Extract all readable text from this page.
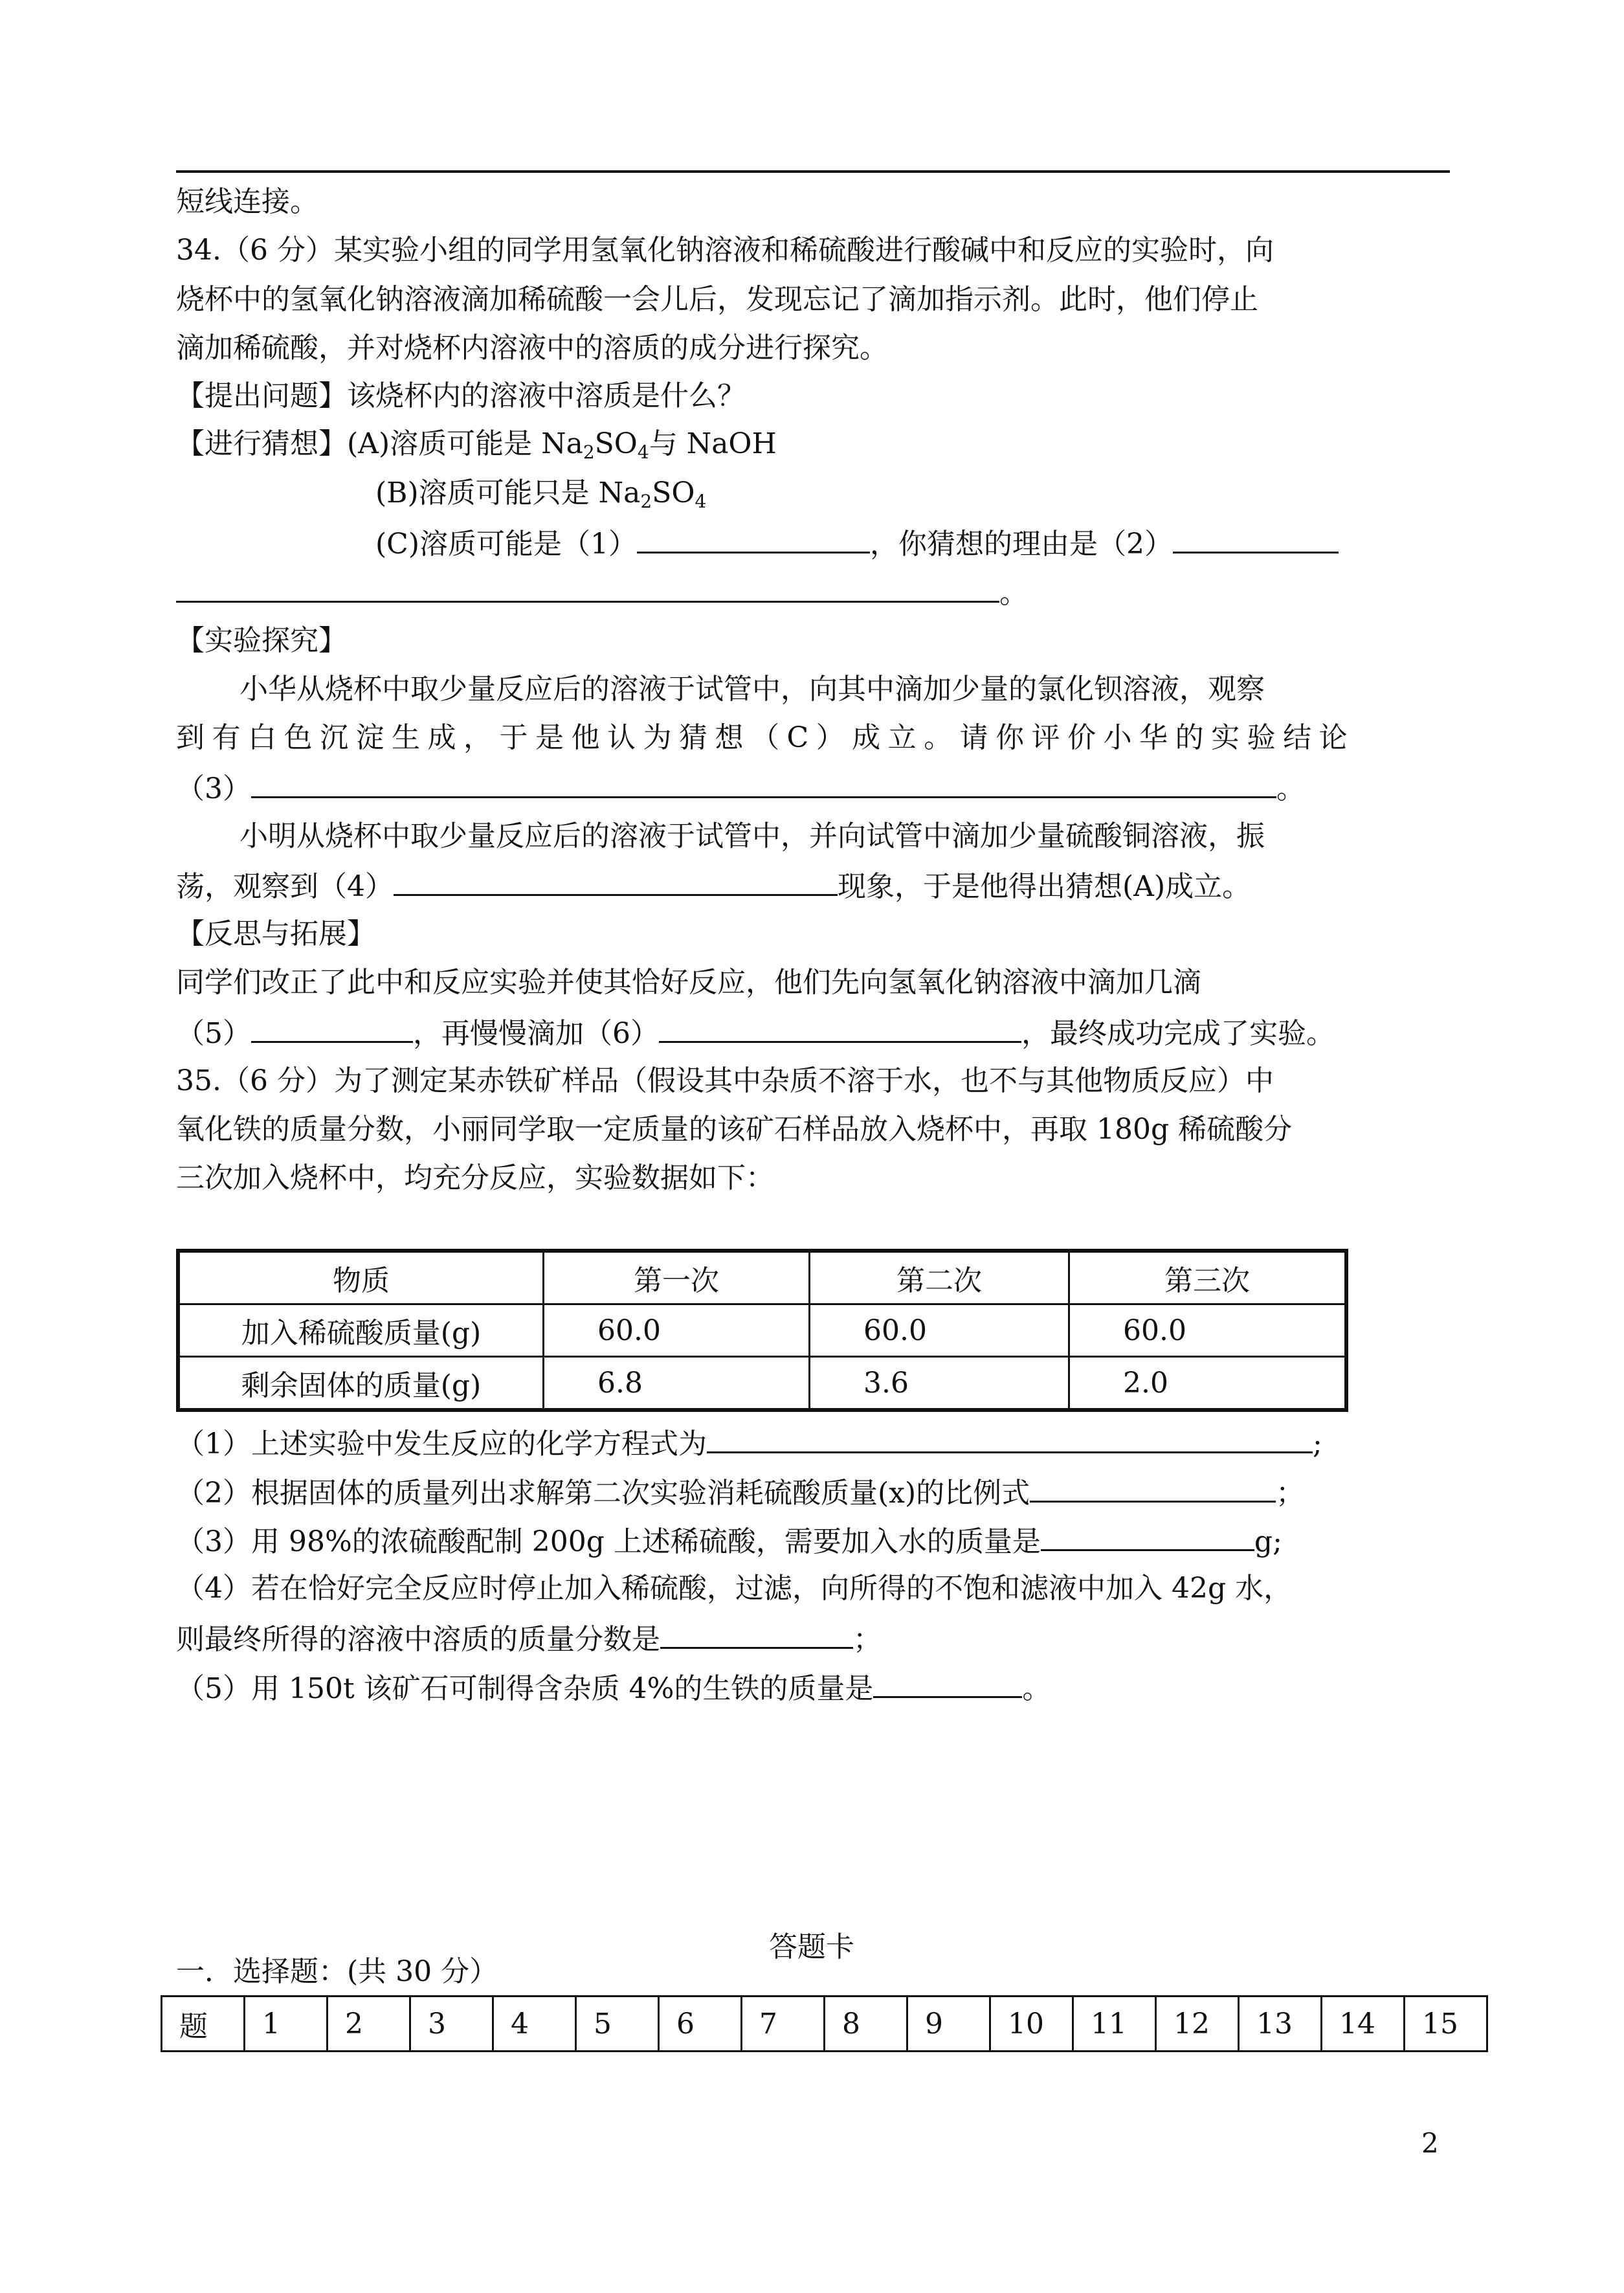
短线连接。
34.（6 分）某实验小组的同学用氢氧化钠溶液和稀硫酸进行酸碱中和反应的实验时，向
烧杯中的氢氧化钠溶液滴加稀硫酸一会儿后，发现忘记了滴加指示剂。此时，他们停止
滴加稀硫酸，并对烧杯内溶液中的溶质的成分进行探究。
【提出问题】该烧杯内的溶液中溶质是什么？
【进行猜想】(A)溶质可能是 $Na_2SO_4$与 NaOH
(B)溶质可能只是 $Na_2SO_4$
(C)溶质可能是（1）	，你猜想的理由是（2）
。
【实验探究】
小华从烧杯中取少量反应后的溶液于试管中，向其中滴加少量的氯化钡溶液，观察
到有白色沉淀生成，于是他认为猜想（C）成立。请你评价小华的实验结论
（3）	。
小明从烧杯中取少量反应后的溶液于试管中，并向试管中滴加少量硫酸铜溶液，振
荡，观察到（4）	现象，于是他得出猜想(A)成立。
【反思与拓展】
同学们改正了此中和反应实验并使其恰好反应，他们先向氢氧化钠溶液中滴加几滴
（5）	，再慢慢滴加（6）	，最终成功完成了实验。
35.（6 分）为了测定某赤铁矿样品（假设其中杂质不溶于水，也不与其他物质反应）中
氧化铁的质量分数，小丽同学取一定质量的该矿石样品放入烧杯中，再取 180g 稀硫酸分
三次加入烧杯中，均充分反应，实验数据如下：
物质	第一次	第二次	第三次
加入稀硫酸质量(g)	60.0	60.0	60.0
剩余固体的质量(g)	6.8	3.6	2.0
（1）上述实验中发生反应的化学方程式为	;
（2）根据固体的质量列出求解第二次实验消耗硫酸质量(x)的比例式	；
（3）用 98%的浓硫酸配制 200g 上述稀硫酸，需要加入水的质量是	g;
（4）若在恰好完全反应时停止加入稀硫酸，过滤，向所得的不饱和滤液中加入 42g 水，
则最终所得的溶液中溶质的质量分数是	；
（5）用 150t 该矿石可制得含杂质 4%的生铁的质量是	。
答题卡
一．选择题：(共 30 分）
题	1	2	3	4	5	6	7	8	9	10	11	12	13	14	15
2
